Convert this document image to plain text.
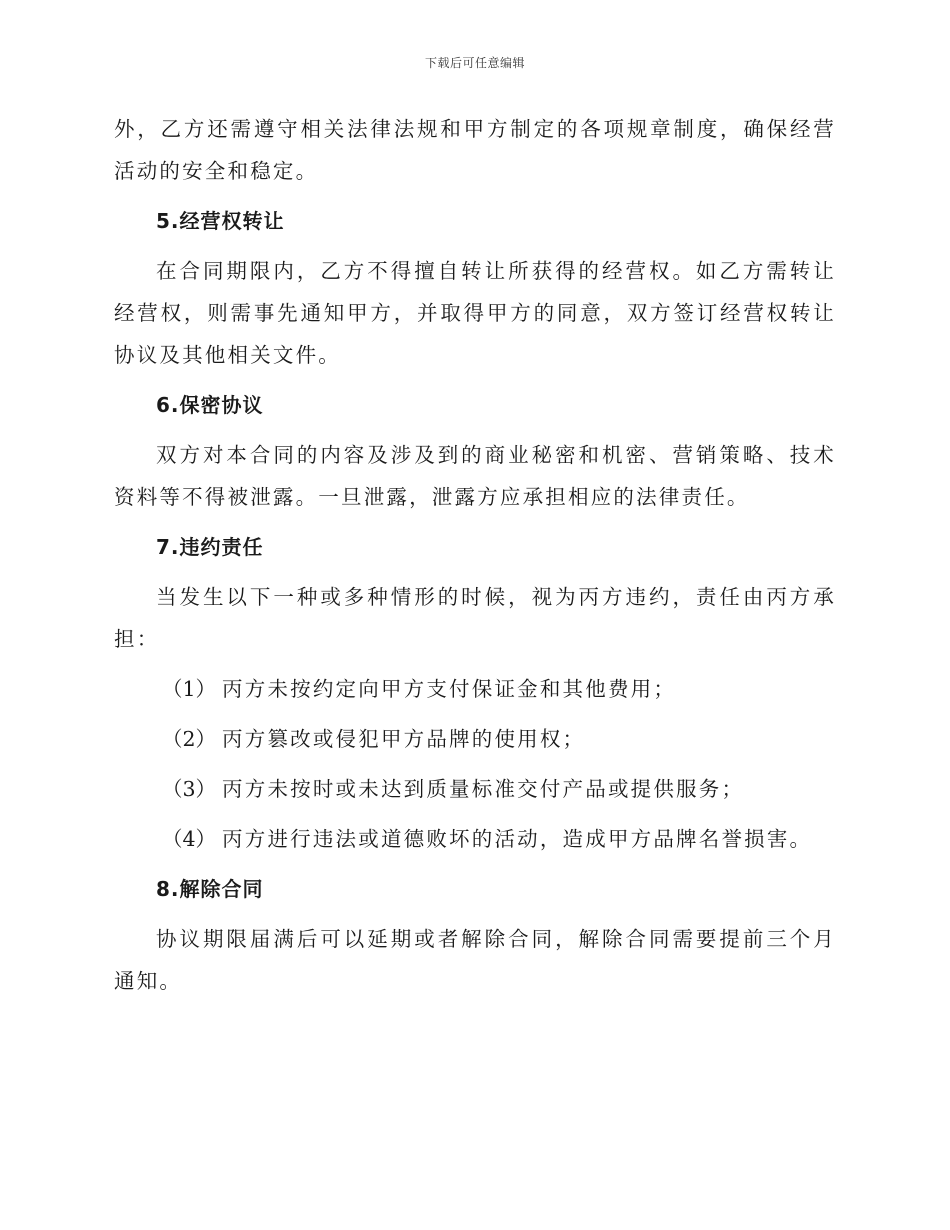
下载后可任意编辑

外，乙方还需遵守相关法律法规和甲方制定的各项规章制度，确保经营活动的安全和稳定。

5.经营权转让

在合同期限内，乙方不得擅自转让所获得的经营权。如乙方需转让经营权，则需事先通知甲方，并取得甲方的同意，双方签订经营权转让协议及其他相关文件。

6.保密协议

双方对本合同的内容及涉及到的商业秘密和机密、营销策略、技术资料等不得被泄露。一旦泄露，泄露方应承担相应的法律责任。

7.违约责任

当发生以下一种或多种情形的时候，视为丙方违约，责任由丙方承担：

（1） 丙方未按约定向甲方支付保证金和其他费用；
（2） 丙方篡改或侵犯甲方品牌的使用权；
（3） 丙方未按时或未达到质量标准交付产品或提供服务；
（4） 丙方进行违法或道德败坏的活动，造成甲方品牌名誉损害。
8.解除合同

协议期限届满后可以延期或者解除合同，解除合同需要提前三个月通知。
